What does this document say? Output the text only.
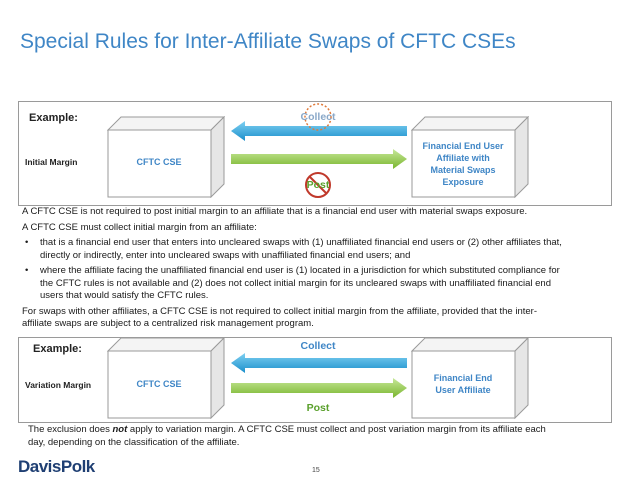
Special Rules for Inter-Affiliate Swaps of CFTC CSEs
Example:
Initial Margin	CFTC CSE
Collect
Post
Financial End User
Affiliate with
Material Swaps
Exposure

A CFTC CSE is not required to post initial margin to an affiliate that is a financial end user with material swaps exposure.

A CFTC CSE must collect initial margin from an affiliate:

• that is a financial end user that enters into uncleared swaps with (1) unaffiliated financial end users or (2) other affiliates that,
directly or indirectly, enter into uncleared swaps with unaffiliated financial end users; and
• where the affiliate facing the unaffiliated financial end user is (1) located in a jurisdiction for which substituted compliance for
the CFTC rules is not available and (2) does not collect initial margin for its uncleared swaps with unaffiliated financial end
users that would satisfy the CFTC rules.
For swaps with other affiliates, a CFTC CSE is not required to collect initial margin from the affiliate, provided that the inter-
affiliate swaps are subject to a centralized risk management program.
Example:
Variation Margin	CFTC CSE
Collect
Post
Financial End
User Affiliate
The exclusion does not apply to variation margin. A CFTC CSE must collect and post variation margin from its affiliate each
day, depending on the classification of the affiliate.
DavisPolk	15
